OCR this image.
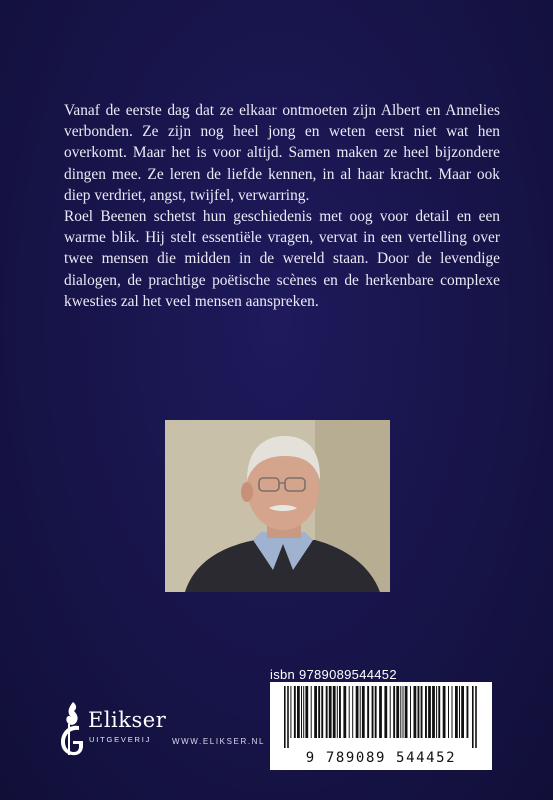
Vanaf de eerste dag dat ze elkaar ontmoeten zijn Albert en Annelies verbonden. Ze zijn nog heel jong en weten eerst niet wat hen overkomt. Maar het is voor altijd. Samen maken ze heel bijzondere dingen mee. Ze leren de liefde kennen, in al haar kracht. Maar ook diep verdriet, angst, twijfel, verwarring.

Roel Beenen schetst hun geschiedenis met oog voor detail en een warme blik. Hij stelt essentiële vragen, vervat in een vertelling over twee mensen die midden in de wereld staan. Door de levendige dialogen, de prachtige poëtische scènes en de herkenbare complexe kwesties zal het veel mensen aanspreken.

isbn 9789089544452
9 789089 544452
Elikser
UITGEVERIJ	WWW.ELIKSER.NL
